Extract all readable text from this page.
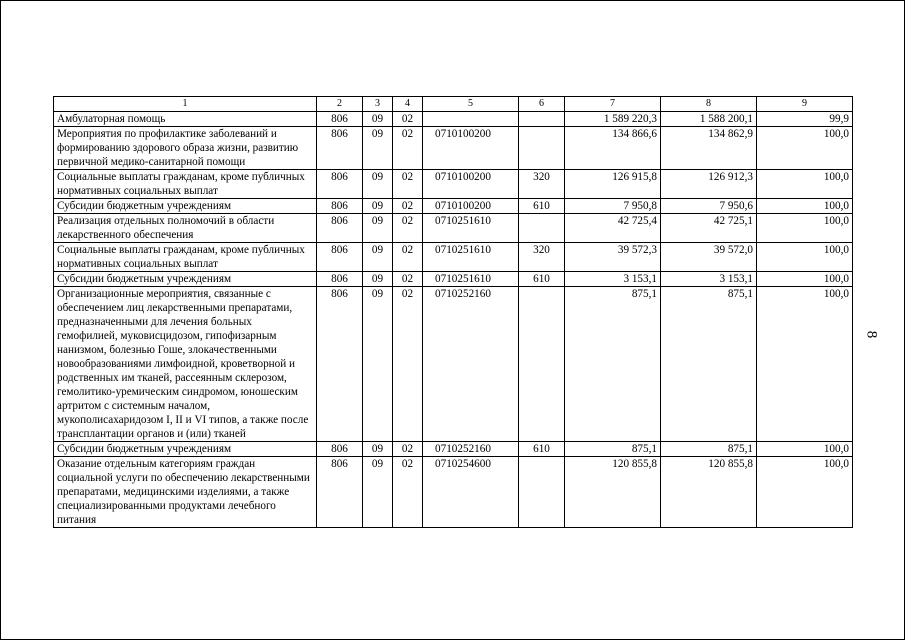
1	2	3	4	5	6	7	8	9
Амбулаторная помощь	806	09	02			1 589 220,3	1 588 200,1	99,9
Мероприятия по профилактике заболеваний и формированию здорового образа жизни, развитию первичной медико-санитарной помощи	806	09	02	0710100200		134 866,6	134 862,9	100,0
Социальные выплаты гражданам, кроме публичных нормативных социальных выплат	806	09	02	0710100200	320	126 915,8	126 912,3	100,0
Субсидии бюджетным учреждениям	806	09	02	0710100200	610	7 950,8	7 950,6	100,0
Реализация отдельных полномочий в области лекарственного обеспечения	806	09	02	0710251610		42 725,4	42 725,1	100,0
Социальные выплаты гражданам, кроме публичных нормативных социальных выплат	806	09	02	0710251610	320	39 572,3	39 572,0	100,0
Субсидии бюджетным учреждениям	806	09	02	0710251610	610	3 153,1	3 153,1	100,0
Организационные мероприятия, связанные с обеспечением лиц лекарственными препаратами, предназначенными для лечения больных гемофилией, муковисцидозом, гипофизарным нанизмом, болезнью Гоше, злокачественными новообразованиями лимфоидной, кроветворной и родственных им тканей, рассеянным склерозом, гемолитико-уремическим синдромом, юношеским артритом с системным началом, мукополисахаридозом I, II и VI типов, а также после трансплантации органов и (или) тканей	806	09	02	0710252160		875,1	875,1	100,0
Субсидии бюджетным учреждениям	806	09	02	0710252160	610	875,1	875,1	100,0
Оказание отдельным категориям граждан социальной услуги по обеспечению лекарственными препаратами, медицинскими изделиями, а также специализированными продуктами лечебного питания	806	09	02	0710254600		120 855,8	120 855,8	100,0
8
